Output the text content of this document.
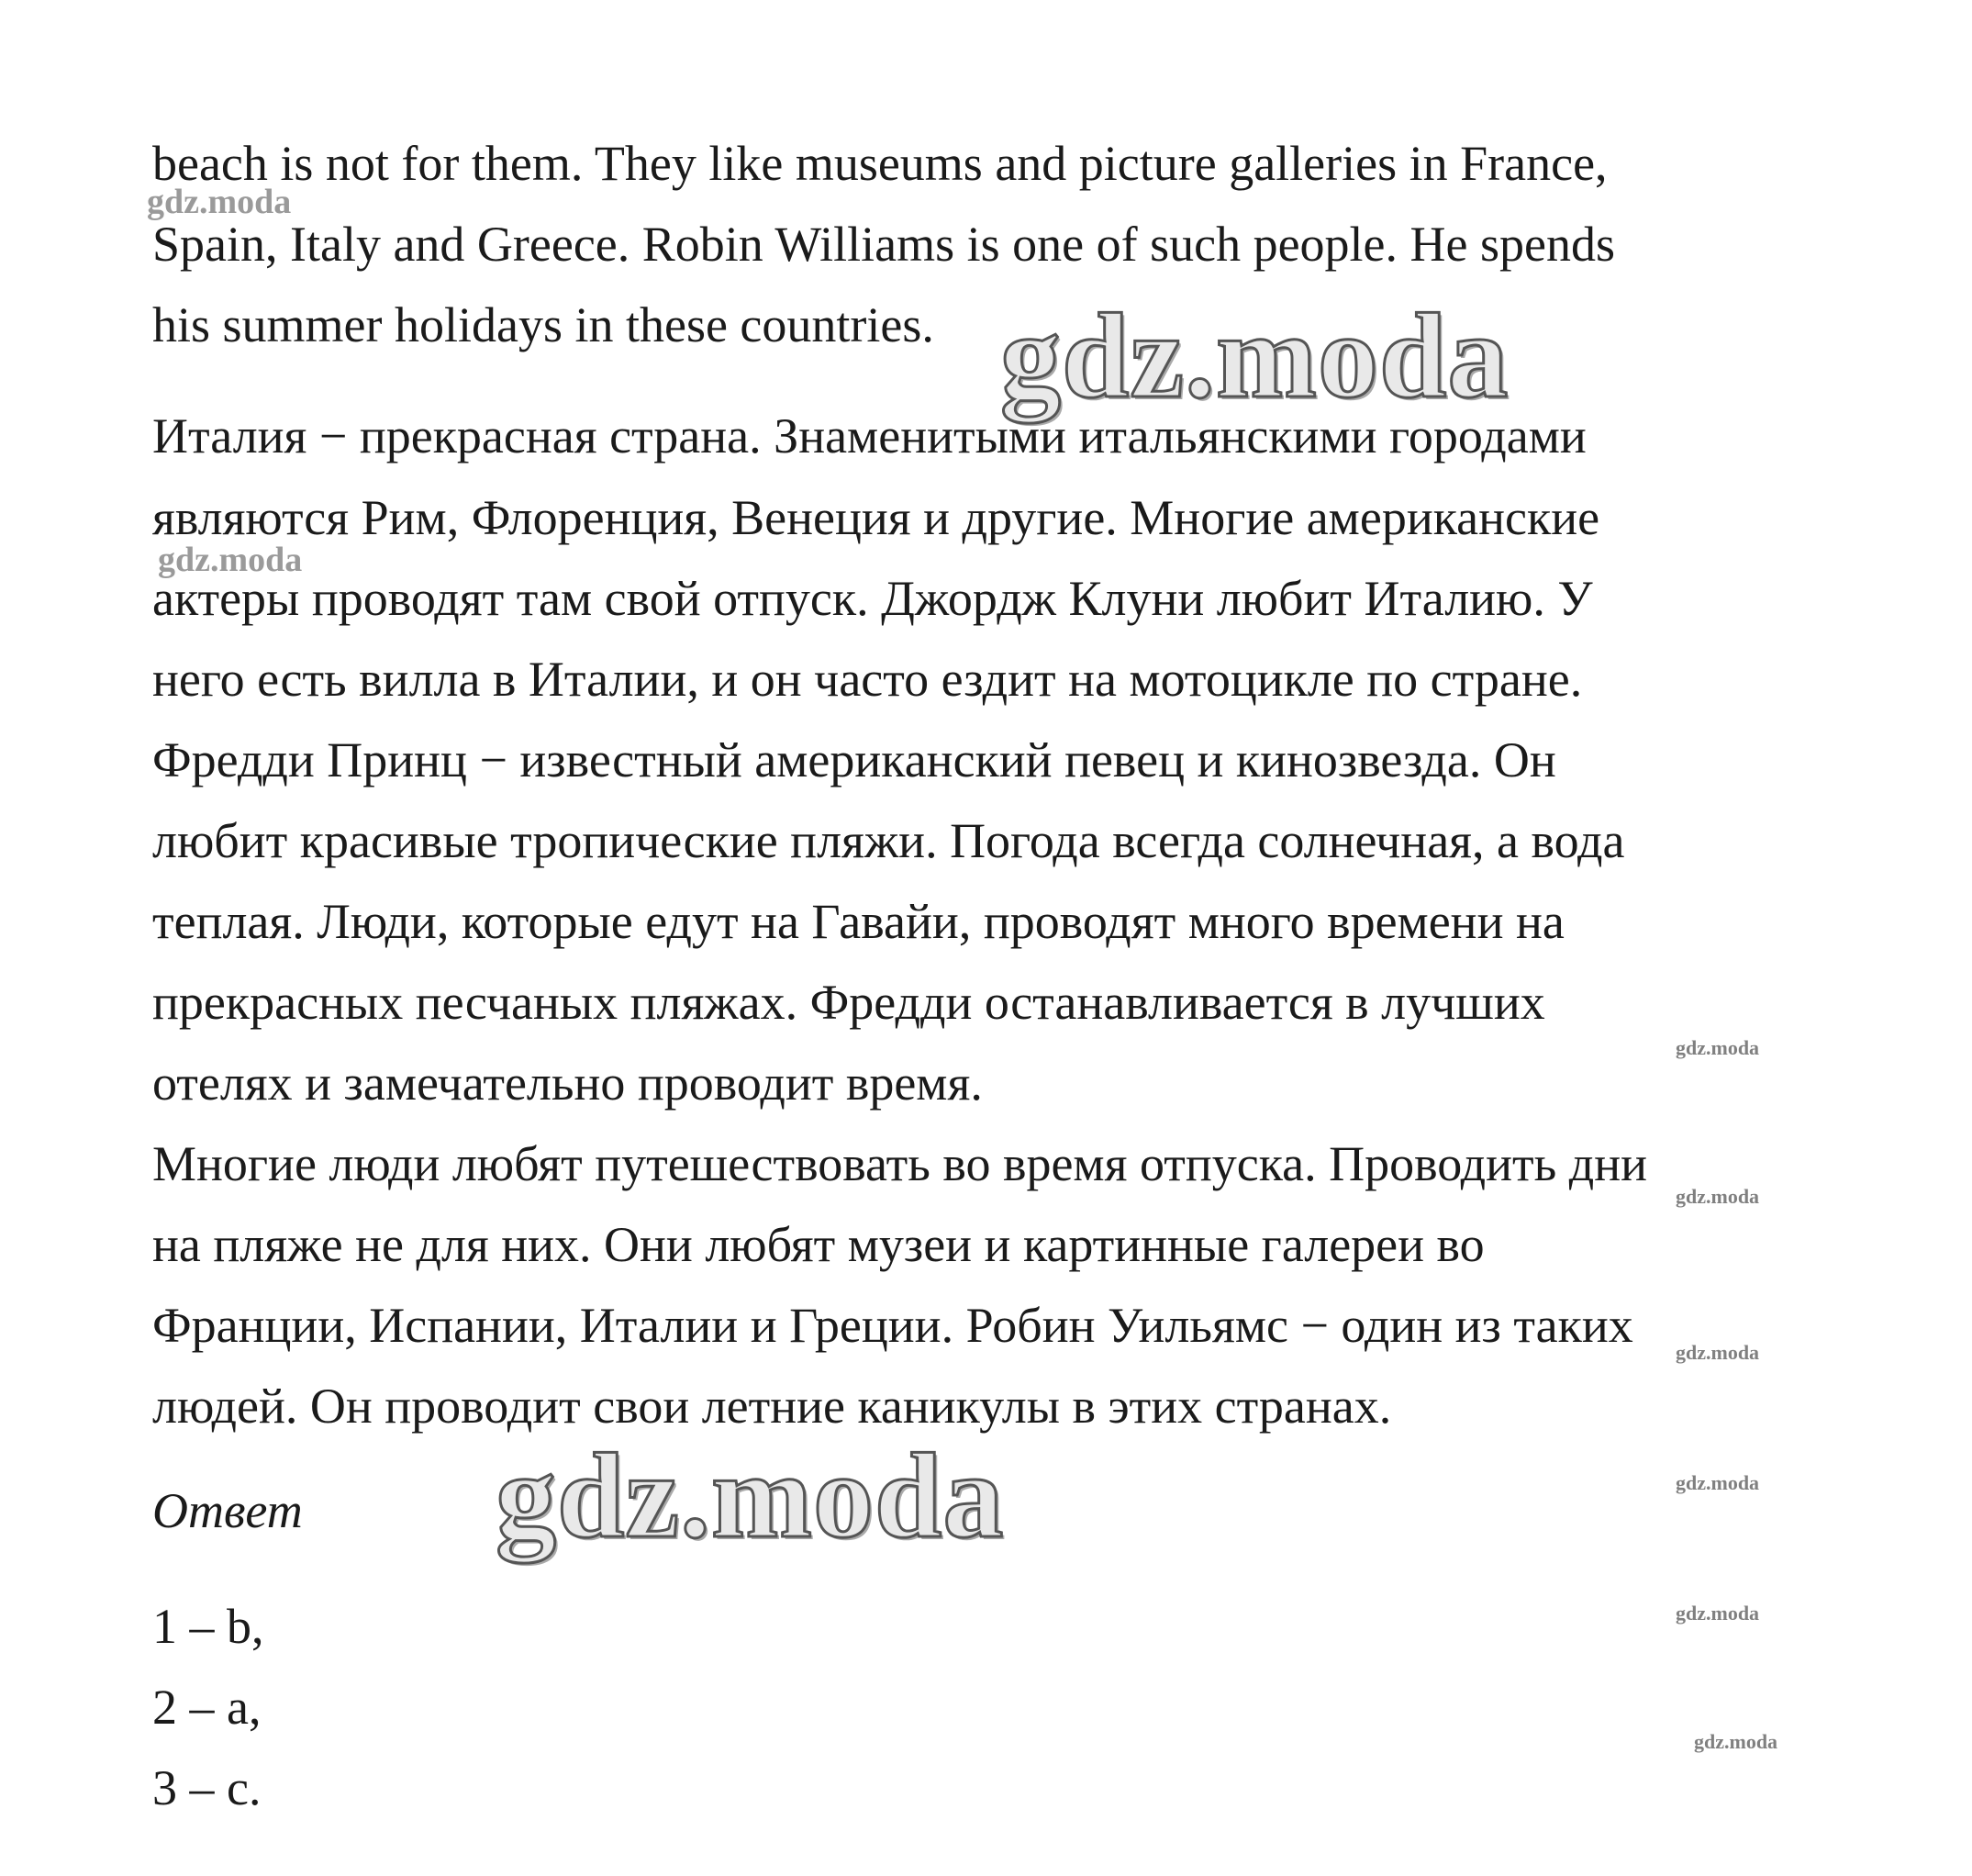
beach is not for them. They like museums and picture galleries in France,
Spain, Italy and Greece. Robin Williams is one of such people. He spends
his summer holidays in these countries.
Италия − прекрасная страна. Знаменитыми итальянскими городами
являются Рим, Флоренция, Венеция и другие. Многие американские
актеры проводят там свой отпуск. Джордж Клуни любит Италию. У
него есть вилла в Италии, и он часто ездит на мотоцикле по стране.
Фредди Принц − известный американский певец и кинозвезда. Он
любит красивые тропические пляжи. Погода всегда солнечная, а вода
теплая. Люди, которые едут на Гавайи, проводят много времени на
прекрасных песчаных пляжах. Фредди останавливается в лучших
отелях и замечательно проводит время.
Многие люди любят путешествовать во время отпуска. Проводить дни
на пляже не для них. Они любят музеи и картинные галереи во
Франции, Испании, Италии и Греции. Робин Уильямс − один из таких
людей. Он проводит свои летние каникулы в этих странах.
Ответ
1 – b,
2 – a,
3 – c.
gdz.moda
gdz.moda
gdz.moda
gdz.moda
gdz.moda
gdz.moda
gdz.moda
gdz.moda
gdz.moda
gdz.moda
